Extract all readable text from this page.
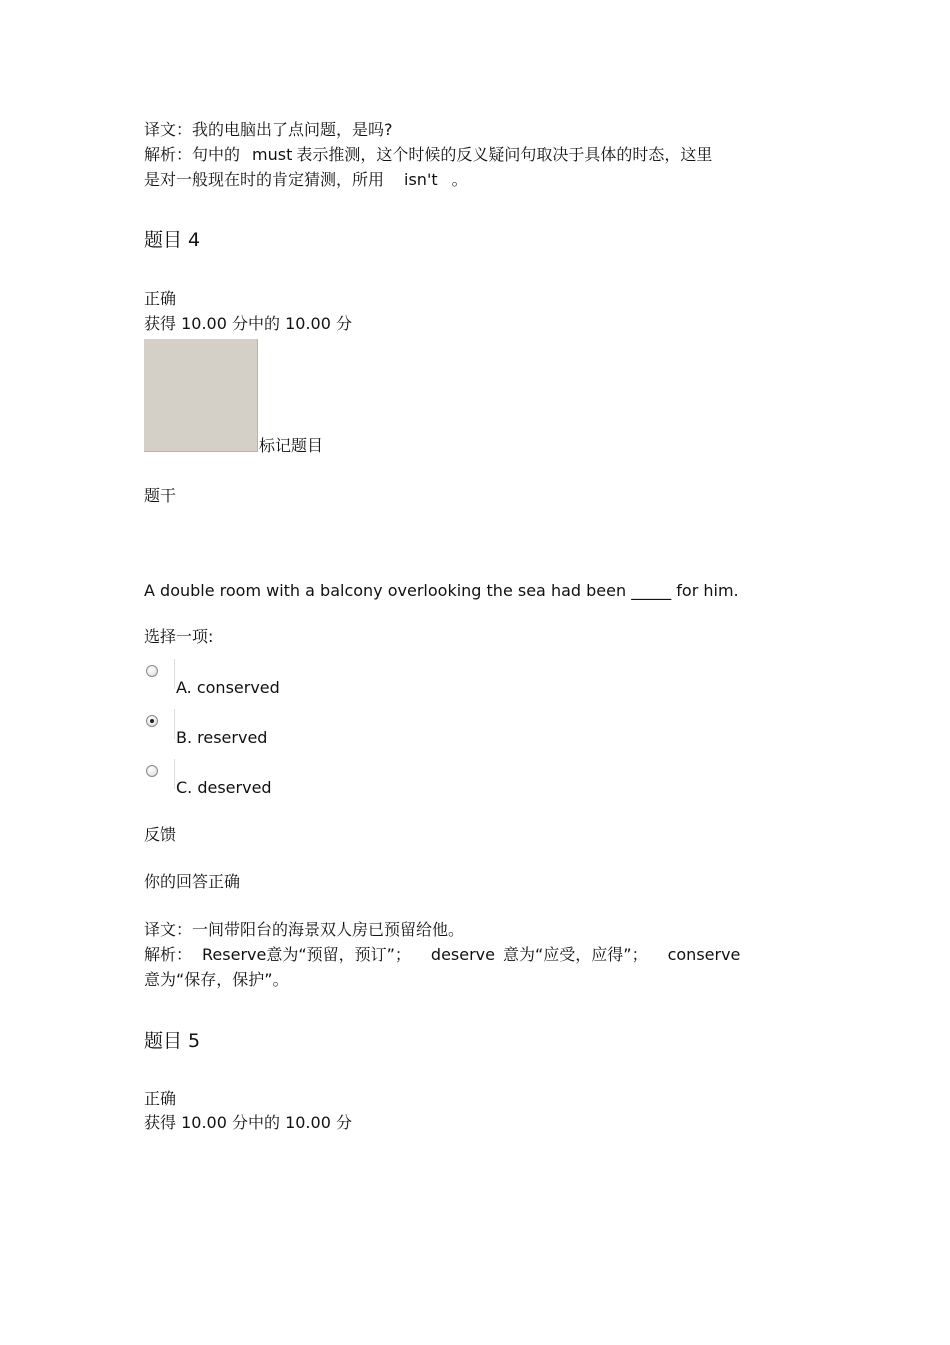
译文：我的电脑出了点问题，是吗?
解析：句中的 must 表示推测，这个时候的反义疑问句取决于具体的时态，这里
是对一般现在时的肯定猜测，所用 isn't 。
题目 4
正确
获得 10.00 分中的 10.00 分
标记题目
题干
A double room with a balcony overlooking the sea had been _____ for him.
选择一项:
A. conserved
B. reserved
C. deserved
反馈
你的回答正确
译文：一间带阳台的海景双人房已预留给他。
解析： Reserve意为“预留，预订”； deserve 意为“应受，应得”； conserve
意为“保存，保护”。
题目 5
正确
获得 10.00 分中的 10.00 分
